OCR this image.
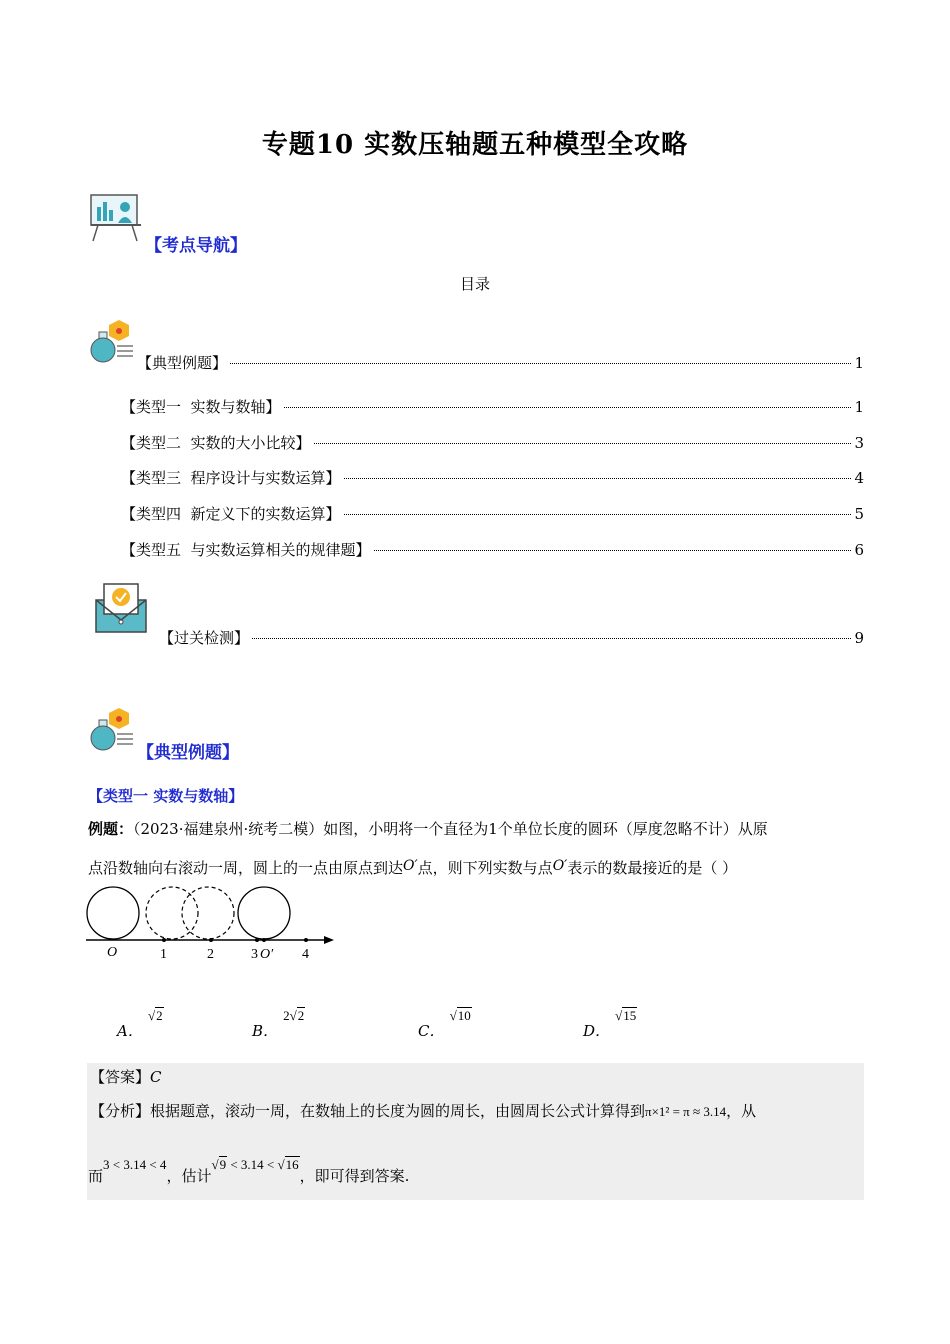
专题10 实数压轴题五种模型全攻略
【考点导航】
目录
【典型例题】	1
【类型一  实数与数轴】	1
【类型二  实数的大小比较】	3
【类型三  程序设计与实数运算】	4
【类型四  新定义下的实数运算】	5
【类型五  与实数运算相关的规律题】	6
【过关检测】	9
【典型例题】
【类型一 实数与数轴】
例题：（2023·福建泉州·统考二模）如图，小明将一个直径为1个单位长度的圆环（厚度忽略不计）从原
点沿数轴向右滚动一周，圆上的一点由原点到达O′点，则下列实数与点O′表示的数最接近的是（ ）
O	1	2	3 O′ 4
A． √2
B． 2√2
C． √10
D． √15
【答案】C
【分析】根据题意，滚动一周，在数轴上的长度为圆的周长，由圆周长公式计算得到π×1² = π ≈ 3.14，从
而3 < 3.14 < 4，估计√9 < 3.14 < √16，即可得到答案.
